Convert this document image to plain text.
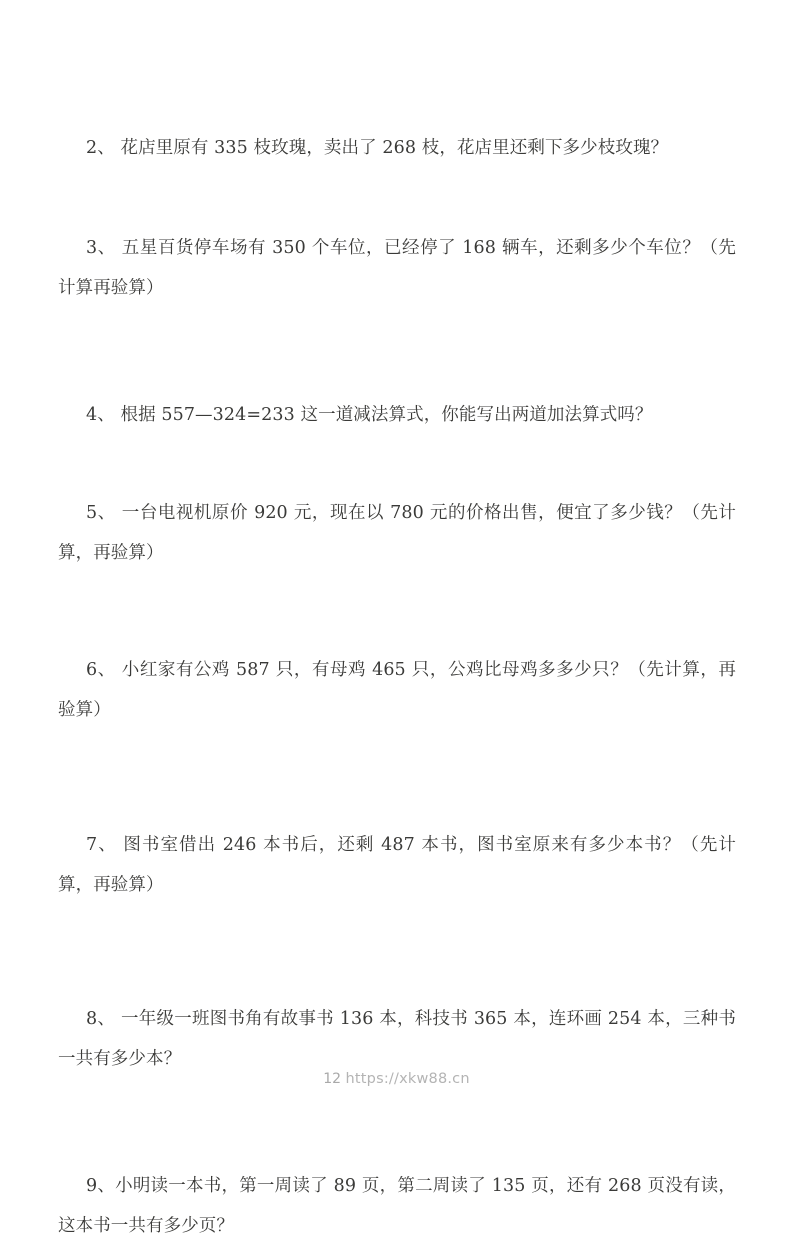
2、 花店里原有 335 枝玫瑰，卖出了 268 枝，花店里还剩下多少枝玫瑰？

3、 五星百货停车场有 350 个车位，已经停了 168 辆车，还剩多少个车位？（先计算再验算）

4、 根据 557—324=233 这一道减法算式，你能写出两道加法算式吗？

5、 一台电视机原价 920 元，现在以 780 元的价格出售，便宜了多少钱？（先计算，再验算）

6、 小红家有公鸡 587 只，有母鸡 465 只，公鸡比母鸡多多少只？（先计算，再验算）

7、 图书室借出 246 本书后，还剩 487 本书，图书室原来有多少本书？（先计算，再验算）

8、 一年级一班图书角有故事书 136 本，科技书 365 本，连环画 254 本，三种书一共有多少本？

9、小明读一本书，第一周读了 89 页，第二周读了 135 页，还有 268 页没有读，这本书一共有多少页？

12 https://xkw88.cn
